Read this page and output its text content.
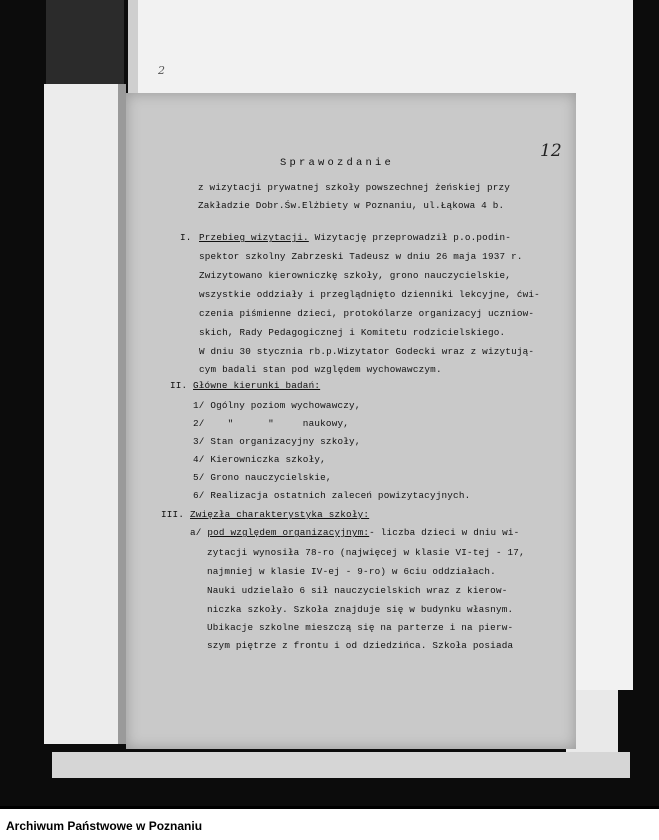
2
12
Sprawozdanie
z wizytacji prywatnej szkoły powszechnej żeńskiej przy
Zakładzie Dobr.Św.Elżbiety w Poznaniu, ul.Łąkowa 4 b.
I. Przebieg wizytacji. Wizytację przeprowadził p.o.podin-
spektor szkolny Zabrzeski Tadeusz w dniu 26 maja 1937 r.
Zwizytowano kierowniczkę szkoły, grono nauczycielskie,
wszystkie oddziały i przeglądnięto dzienniki lekcyjne, ćwi-
czenia piśmienne dzieci, protokólarze organizacyj uczniow-
skich, Rady Pedagogicznej i Komitetu rodzicielskiego.
W dniu 30 stycznia rb.p.Wizytator Godecki wraz z wizytują-
cym badali stan pod względem wychowawczym.
II. Główne kierunki badań:
1/ Ogólny poziom wychowawczy,
2/    "      "     naukowy,
3/ Stan organizacyjny szkoły,
4/ Kierowniczka szkoły,
5/ Grono nauczycielskie,
6/ Realizacja ostatnich zaleceń powizytacyjnych.
III. Zwięzła charakterystyka szkoły:
a/ pod względem organizacyjnym:- liczba dzieci w dniu wi-
zytacji wynosiła 78-ro (najwięcej w klasie VI-tej - 17,
najmniej w klasie IV-ej - 9-ro) w 6ciu oddziałach.
Nauki udzielało 6 sił nauczycielskich wraz z kierow-
niczka szkoły. Szkoła znajduje się w budynku własnym.
Ubikacje szkolne mieszczą się na parterze i na pierw-
szym piętrze z frontu i od dziedzińca. Szkoła posiada
Archiwum Państwowe w Poznaniu
